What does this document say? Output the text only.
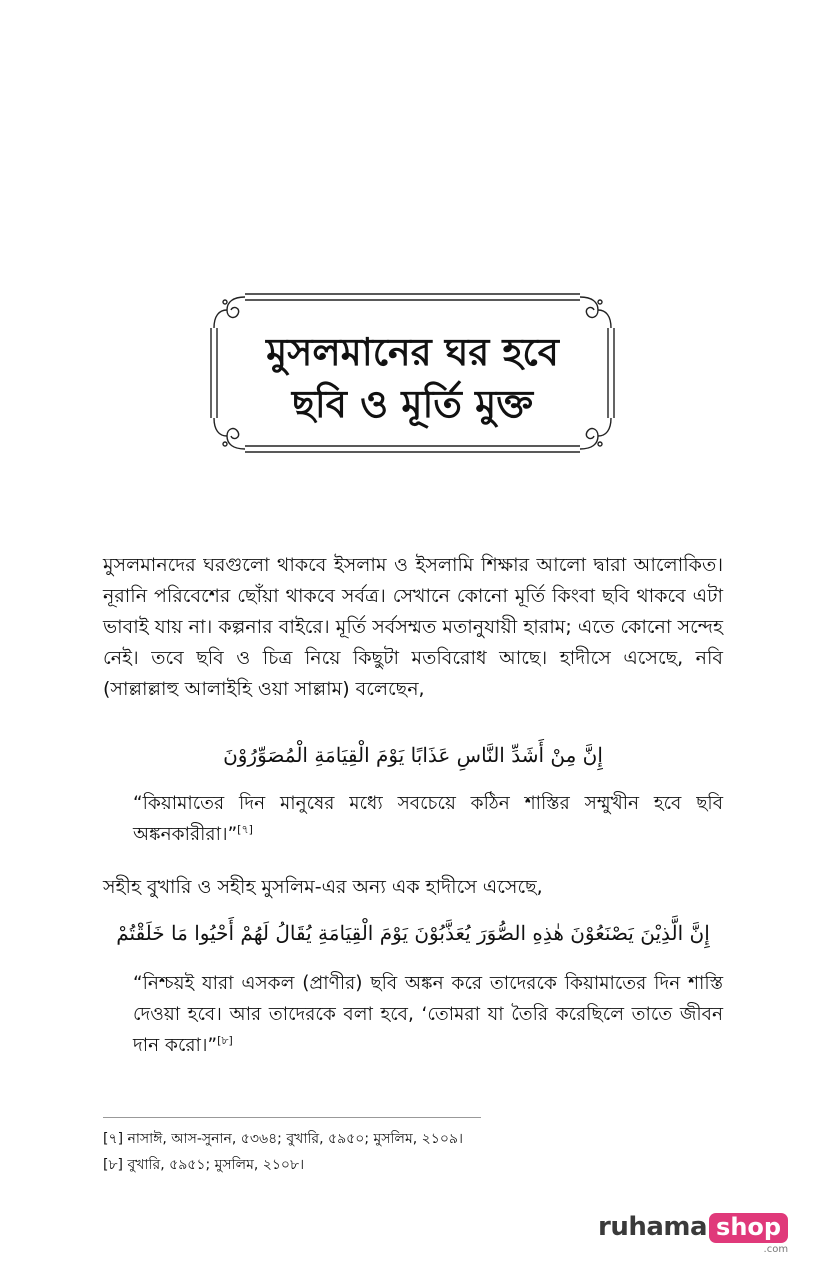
মুসলমানের ঘর হবে
ছবি ও মূর্তি মুক্ত
মুসলমানদের ঘরগুলো থাকবে ইসলাম ও ইসলামি শিক্ষার আলো দ্বারা আলোকিত। নূরানি পরিবেশের ছোঁয়া থাকবে সর্বত্র। সেখানে কোনো মূর্তি কিংবা ছবি থাকবে এটা ভাবাই যায় না। কল্পনার বাইরে। মূর্তি সর্বসম্মত মতানুযায়ী হারাম; এতে কোনো সন্দেহ নেই। তবে ছবি ও চিত্র নিয়ে কিছুটা মতবিরোধ আছে। হাদীসে এসেছে, নবি (সাল্লাল্লাহু আলাইহি ওয়া সাল্লাম) বলেছেন,
إِنَّ مِنْ أَشَدِّ النَّاسِ عَذَابًا يَوْمَ الْقِيَامَةِ الْمُصَوِّرُوْنَ
“কিয়ামাতের দিন মানুষের মধ্যে সবচেয়ে কঠিন শাস্তির সম্মুখীন হবে ছবি অঙ্কনকারীরা।”[৭]
সহীহ বুখারি ও সহীহ মুসলিম-এর অন্য এক হাদীসে এসেছে,
إِنَّ الَّذِيْنَ يَصْنَعُوْنَ هٰذِهِ الصُّوَرَ يُعَذَّبُوْنَ يَوْمَ الْقِيَامَةِ يُقَالُ لَهُمْ أَحْيُوا مَا خَلَقْتُمْ
“নিশ্চয়ই যারা এসকল (প্রাণীর) ছবি অঙ্কন করে তাদেরকে কিয়ামাতের দিন শাস্তি দেওয়া হবে। আর তাদেরকে বলা হবে, ‘তোমরা যা তৈরি করেছিলে তাতে জীবন দান করো।”[৮]
[৭] নাসাঈ, আস-সুনান, ৫৩৬৪; বুখারি, ৫৯৫০; মুসলিম, ২১০৯।
[৮] বুখারি, ৫৯৫১; মুসলিম, ২১০৮।
ruhama shop
.com
